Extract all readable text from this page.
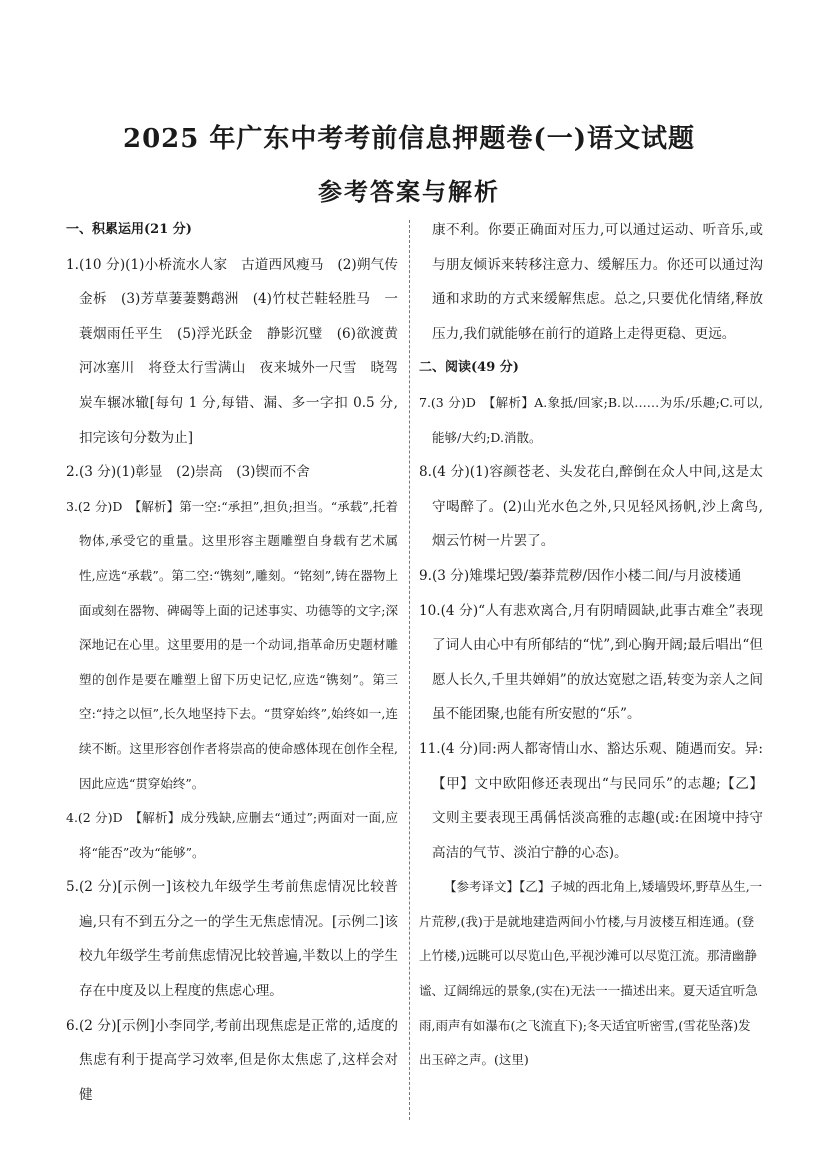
2025 年广东中考考前信息押题卷(一)语文试题
参考答案与解析

一、积累运用(21 分)

1.(10 分)(1)小桥流水人家　古道西风瘦马　(2)朔气传金柝　(3)芳草萋萋鹦鹉洲　(4)竹杖芒鞋轻胜马　一蓑烟雨任平生　(5)浮光跃金　静影沉璧　(6)欲渡黄河冰塞川　将登太行雪满山　夜来城外一尺雪　晓驾炭车辗冰辙[每句 1 分,每错、漏、多一字扣 0.5 分,扣完该句分数为止]

2.(3 分)(1)彰显　(2)崇高　(3)锲而不舍

3.(2 分)D　【解析】第一空:“承担”,担负;担当。“承载”,托着物体,承受它的重量。这里形容主题雕塑自身载有艺术属性,应选“承载”。第二空:“镌刻”,雕刻。“铭刻”,铸在器物上面或刻在器物、碑碣等上面的记述事实、功德等的文字;深深地记在心里。这里要用的是一个动词,指革命历史题材雕塑的创作是要在雕塑上留下历史记忆,应选“镌刻”。第三空:“持之以恒”,长久地坚持下去。“贯穿始终”,始终如一,连续不断。这里形容创作者将崇高的使命感体现在创作全程,因此应选“贯穿始终”。

4.(2 分)D　【解析】成分残缺,应删去“通过”;两面对一面,应将“能否”改为“能够”。

5.(2 分)[示例一]该校九年级学生考前焦虑情况比较普遍,只有不到五分之一的学生无焦虑情况。[示例二]该校九年级学生考前焦虑情况比较普遍,半数以上的学生存在中度及以上程度的焦虑心理。

6.(2 分)[示例]小李同学,考前出现焦虑是正常的,适度的焦虑有利于提高学习效率,但是你太焦虑了,这样会对健

康不利。你要正确面对压力,可以通过运动、听音乐,或与朋友倾诉来转移注意力、缓解压力。你还可以通过沟通和求助的方式来缓解焦虑。总之,只要优化情绪,释放压力,我们就能够在前行的道路上走得更稳、更远。

二、阅读(49 分)

7.(3 分)D　【解析】A.象抵/回家;B.以……为乐/乐趣;C.可以,能够/大约;D.消散。

8.(4 分)(1)容颜苍老、头发花白,醉倒在众人中间,这是太守喝醉了。(2)山光水色之外,只见轻风扬帆,沙上禽鸟,烟云竹树一片罢了。

9.(3 分)雉堞圮毁/蓁莽荒秽/因作小楼二间/与月波楼通

10.(4 分)“人有悲欢离合,月有阴晴圆缺,此事古难全”表现了词人由心中有所郁结的“忧”,到心胸开阔;最后唱出“但愿人长久,千里共婵娟”的放达宽慰之语,转变为亲人之间虽不能团聚,也能有所安慰的“乐”。

11.(4 分)同:两人都寄情山水、豁达乐观、随遇而安。异:【甲】文中欧阳修还表现出“与民同乐”的志趣;【乙】文则主要表现王禹偁恬淡高雅的志趣(或:在困境中持守高洁的气节、淡泊宁静的心态)。

【参考译文】【乙】子城的西北角上,矮墙毁坏,野草丛生,一片荒秽,(我)于是就地建造两间小竹楼,与月波楼互相连通。(登上竹楼,)远眺可以尽览山色,平视沙滩可以尽览江流。那清幽静谧、辽阔绵远的景象,(实在)无法一一描述出来。夏天适宜听急雨,雨声有如瀑布(之飞流直下);冬天适宜听密雪,(雪花坠落)发出玉碎之声。(这里)
